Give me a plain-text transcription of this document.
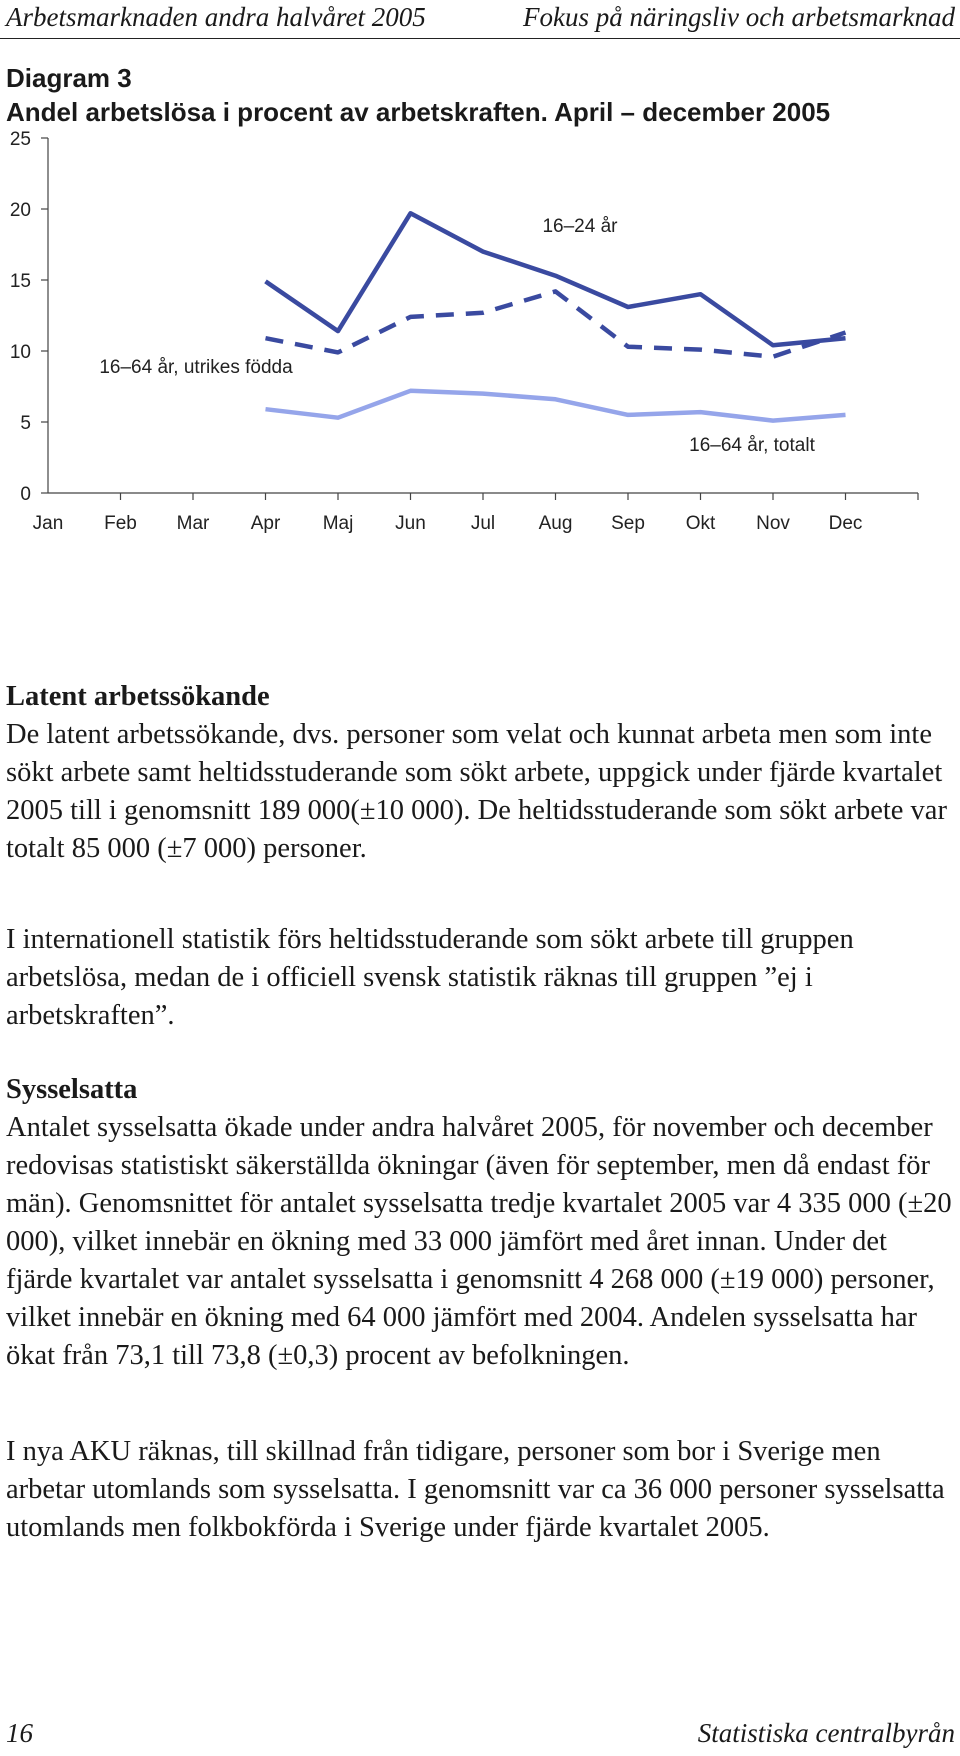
Arbetsmarknaden andra halvåret 2005	Fokus på näringsliv och arbetsmarknad
Diagram 3
Andel arbetslösa i procent av arbetskraften. April – december 2005
0
5
10
15
20
25
Jan Feb Mar Apr Maj Jun Jul Aug Sep Okt Nov Dec
16–24 år
16–64 år, utrikes födda
16–64 år, totalt

Latent arbetssökande

De latent arbetssökande, dvs. personer som velat och kunnat arbeta men som inte sökt arbete samt heltidsstuderande som sökt arbete, uppgick under fjärde kvartalet 2005 till i genomsnitt 189 000(±10 000). De heltidsstuderande som sökt arbete var totalt 85 000 (±7 000) personer.

I internationell statistik förs heltidsstuderande som sökt arbete till gruppen arbetslösa, medan de i officiell svensk statistik räknas till gruppen ”ej i arbetskraften”.

Sysselsatta

Antalet sysselsatta ökade under andra halvåret 2005, för november och december redovisas statistiskt säkerställda ökningar (även för september, men då endast för män). Genomsnittet för antalet sysselsatta tredje kvartalet 2005 var 4 335 000 (±20 000), vilket innebär en ökning med 33 000 jämfört med året innan. Under det fjärde kvartalet var antalet sysselsatta i genomsnitt 4 268 000 (±19 000) personer, vilket innebär en ökning med 64 000 jämfört med 2004. Andelen sysselsatta har ökat från 73,1 till 73,8 (±0,3) procent av befolkningen.

I nya AKU räknas, till skillnad från tidigare, personer som bor i Sverige men arbetar utomlands som sysselsatta. I genomsnitt var ca 36 000 personer sysselsatta utomlands men folkbokförda i Sverige under fjärde kvartalet 2005.

16	Statistiska centralbyrån
